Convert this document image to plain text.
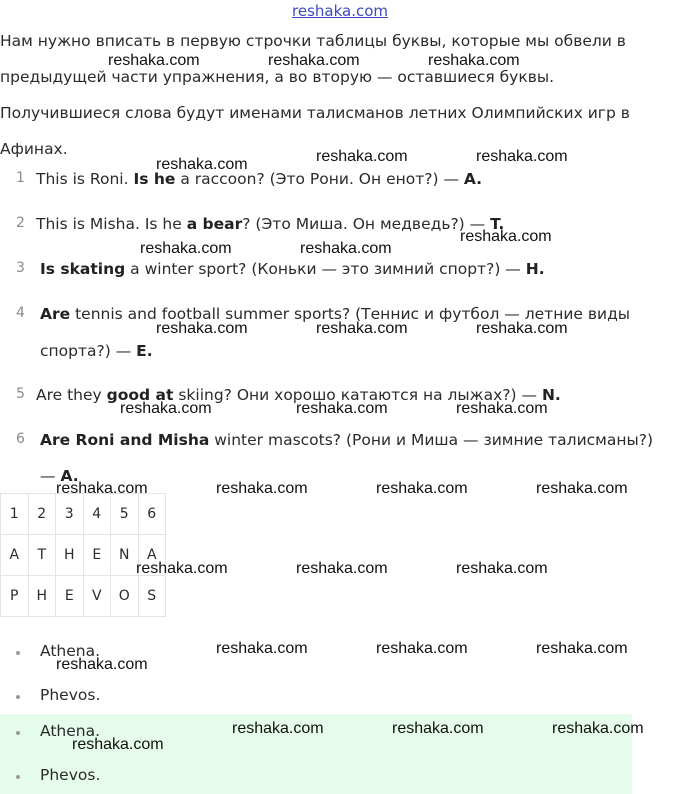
reshaka.com
Нам нужно вписать в первую строчки таблицы буквы, которые мы обвели в
предыдущей части упражнения, а во вторую — оставшиеся буквы.
Получившиеся слова будут именами талисманов летних Олимпийских игр в
Афинах.
1 This is Roni. Is he a raccoon? (Это Рони. Он енот?) — A.
2 This is Misha. Is he a bear? (Это Миша. Он медведь?) — T.
3 Is skating a winter sport? (Коньки — это зимний спорт?) — H.
4 Are tennis and football summer sports? (Теннис и футбол — летние виды
спорта?) — E.
5 Are they good at skiing? Они хорошо катаются на лыжах?) — N.
6 Are Roni and Misha winter mascots? (Рони и Миша — зимние талисманы?)
— A.
1	2	3	4	5	6
A	T	H	E	N	A
P	H	E	V	O	S
Athena.
Phevos.
Athena.
Phevos.
reshaka.com	reshaka.com	reshaka.com
reshaka.com	reshaka.com	reshaka.com
reshaka.com
reshaka.com	reshaka.com
reshaka.com	reshaka.com	reshaka.com
reshaka.com	reshaka.com	reshaka.com
reshaka.com	reshaka.com	reshaka.com	reshaka.com
reshaka.com	reshaka.com	reshaka.com
reshaka.com	reshaka.com	reshaka.com
reshaka.com
reshaka.com	reshaka.com	reshaka.com
reshaka.com
